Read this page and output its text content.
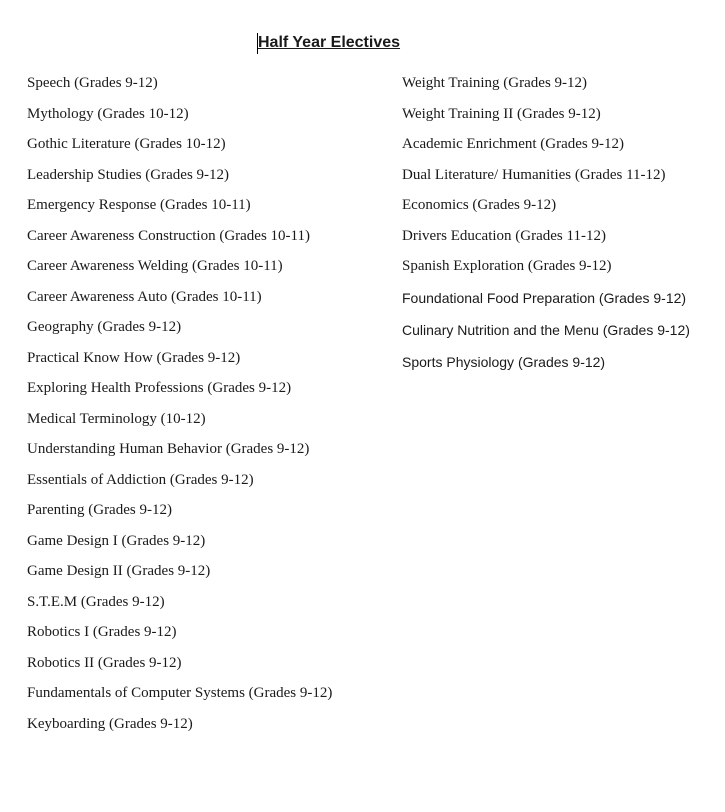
Half Year Electives
Speech (Grades 9-12)
Mythology (Grades 10-12)
Gothic Literature (Grades 10-12)
Leadership Studies (Grades 9-12)
Emergency Response (Grades 10-11)
Career Awareness Construction (Grades 10-11)
Career Awareness Welding (Grades 10-11)
Career Awareness Auto (Grades 10-11)
Geography (Grades 9-12)
Practical Know How (Grades 9-12)
Exploring Health Professions (Grades 9-12)
Medical Terminology (10-12)
Understanding Human Behavior (Grades 9-12)
Essentials of Addiction (Grades 9-12)
Parenting (Grades 9-12)
Game Design I (Grades 9-12)
Game Design II (Grades 9-12)
S.T.E.M (Grades 9-12)
Robotics I (Grades 9-12)
Robotics II (Grades 9-12)
Fundamentals of Computer Systems (Grades 9-12)
Keyboarding (Grades 9-12)
Weight Training (Grades 9-12)
Weight Training II (Grades 9-12)
Academic Enrichment (Grades 9-12)
Dual Literature/ Humanities (Grades 11-12)
Economics (Grades 9-12)
Drivers Education (Grades 11-12)
Spanish Exploration (Grades 9-12)
Foundational Food Preparation (Grades 9-12)
Culinary Nutrition and the Menu (Grades 9-12)
Sports Physiology (Grades 9-12)
